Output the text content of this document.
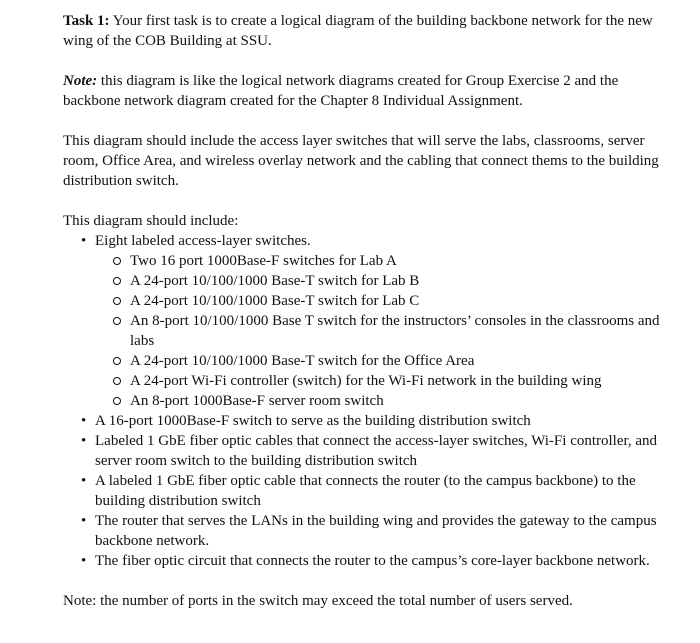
Task 1: Your first task is to create a logical diagram of the building backbone network for the new wing of the COB Building at SSU.

Note: this diagram is like the logical network diagrams created for Group Exercise 2 and the backbone network diagram created for the Chapter 8 Individual Assignment.

This diagram should include the access layer switches that will serve the labs, classrooms, server room, Office Area, and wireless overlay network and the cabling that connect thems to the building distribution switch.

This diagram should include:

• Eight labeled access-layer switches.
Two 16 port 1000Base-F switches for Lab A
A 24-port 10/100/1000 Base-T switch for Lab B
A 24-port 10/100/1000 Base-T switch for Lab C
An 8-port 10/100/1000 Base T switch for the instructors’ consoles in the classrooms and labs
A 24-port 10/100/1000 Base-T switch for the Office Area
A 24-port Wi-Fi controller (switch) for the Wi-Fi network in the building wing
An 8-port 1000Base-F server room switch
• A 16-port 1000Base-F switch to serve as the building distribution switch
• Labeled 1 GbE fiber optic cables that connect the access-layer switches, Wi-Fi controller, and server room switch to the building distribution switch
• A labeled 1 GbE fiber optic cable that connects the router (to the campus backbone) to the building distribution switch
• The router that serves the LANs in the building wing and provides the gateway to the campus backbone network.
• The fiber optic circuit that connects the router to the campus’s core-layer backbone network.

Note: the number of ports in the switch may exceed the total number of users served.
